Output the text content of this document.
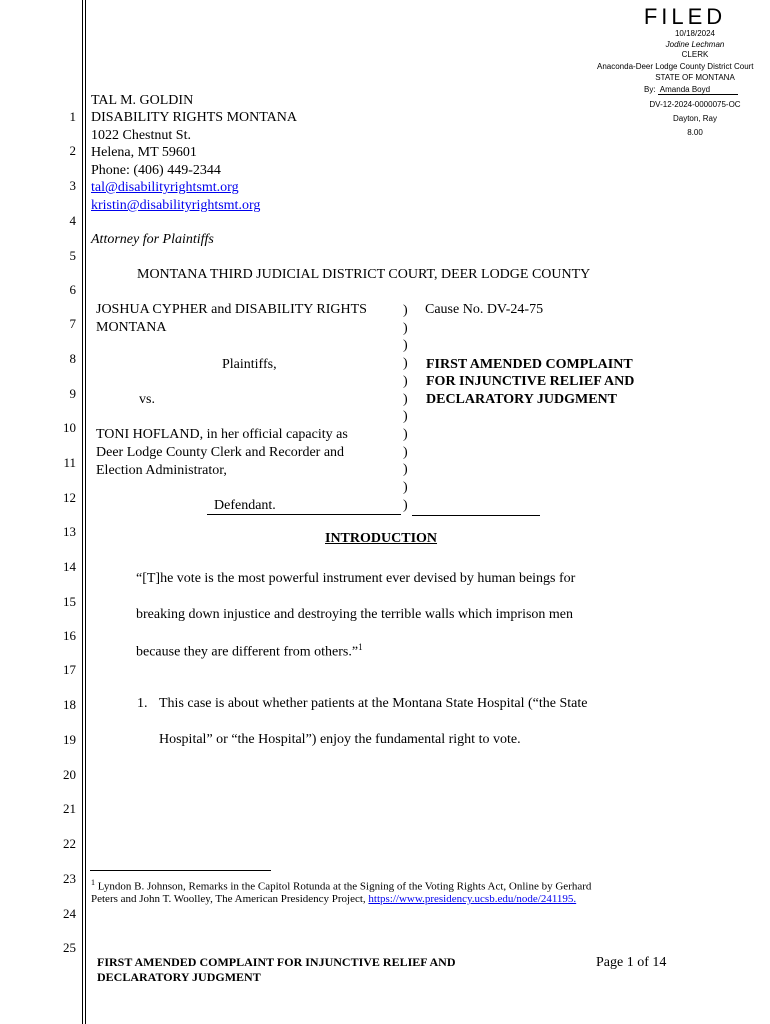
1
2
3
4
5
6
7
8
9
10
11
12
13
14
15
16
17
18
19
20
21
22
23
24
25
FILED
10/18/2024
Jodine Lechman
CLERK
Anaconda-Deer Lodge County District Court
STATE OF MONTANA
By: Amanda Boyd
DV-12-2024-0000075-OC
Dayton, Ray
8.00
TAL M. GOLDIN
DISABILITY RIGHTS MONTANA
1022 Chestnut St.
Helena, MT 59601
Phone: (406) 449-2344
tal@disabilityrightsmt.org
kristin@disabilityrightsmt.org
Attorney for Plaintiffs
MONTANA THIRD JUDICIAL DISTRICT COURT, DEER LODGE COUNTY
JOSHUA CYPHER and DISABILITY RIGHTS
MONTANA
Plaintiffs,
vs.
TONI HOFLAND, in her official capacity as
Deer Lodge County Clerk and Recorder and
Election Administrator,
Defendant.
)
)
)
)
)
)
)
)
)
)
)
)
Cause No. DV-24-75
FIRST AMENDED COMPLAINT
FOR INJUNCTIVE RELIEF AND
DECLARATORY JUDGMENT
INTRODUCTION
“[T]he vote is the most powerful instrument ever devised by human beings for
breaking down injustice and destroying the terrible walls which imprison men
because they are different from others.”$^1$
1. This case is about whether patients at the Montana State Hospital (“the State
Hospital” or “the Hospital”) enjoy the fundamental right to vote.
$^1$ Lyndon B. Johnson, Remarks in the Capitol Rotunda at the Signing of the Voting Rights Act, Online by Gerhard
Peters and John T. Woolley, The American Presidency Project, https://www.presidency.ucsb.edu/node/241195.
FIRST AMENDED COMPLAINT FOR INJUNCTIVE RELIEF AND
DECLARATORY JUDGMENT
Page 1 of 14
